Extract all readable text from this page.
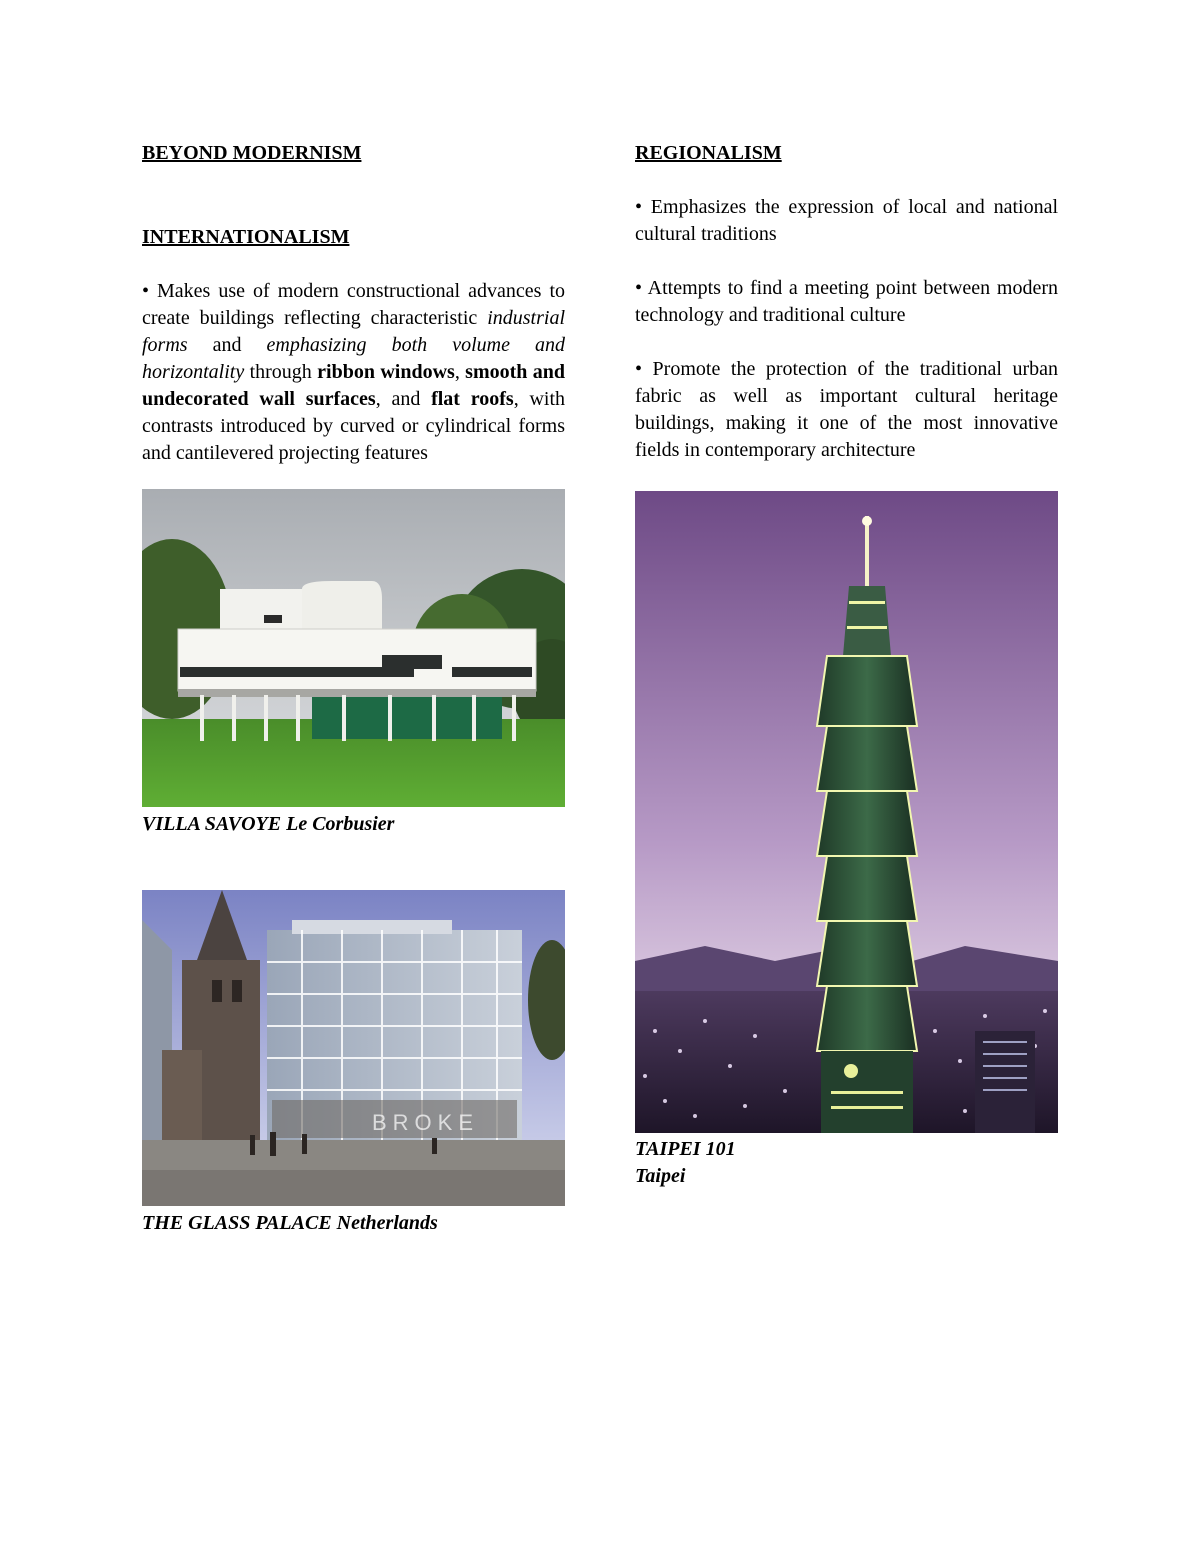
BEYOND MODERNISM

INTERNATIONALISM

• Makes use of modern constructional advances to create buildings reflecting characteristic industrial forms and emphasizing both volume and horizontality through ribbon windows, smooth and undecorated wall surfaces, and flat roofs, with contrasts introduced by curved or cylindrical forms and cantilevered projecting features

VILLA SAVOYE Le Corbusier

BROKE

THE GLASS PALACE Netherlands

REGIONALISM

• Emphasizes the expression of local and national cultural traditions

• Attempts to find a meeting point between modern technology and traditional culture

• Promote the protection of the traditional urban fabric as well as important cultural heritage buildings, making it one of the most innovative fields in contemporary architecture

TAIPEI 101

Taipei
